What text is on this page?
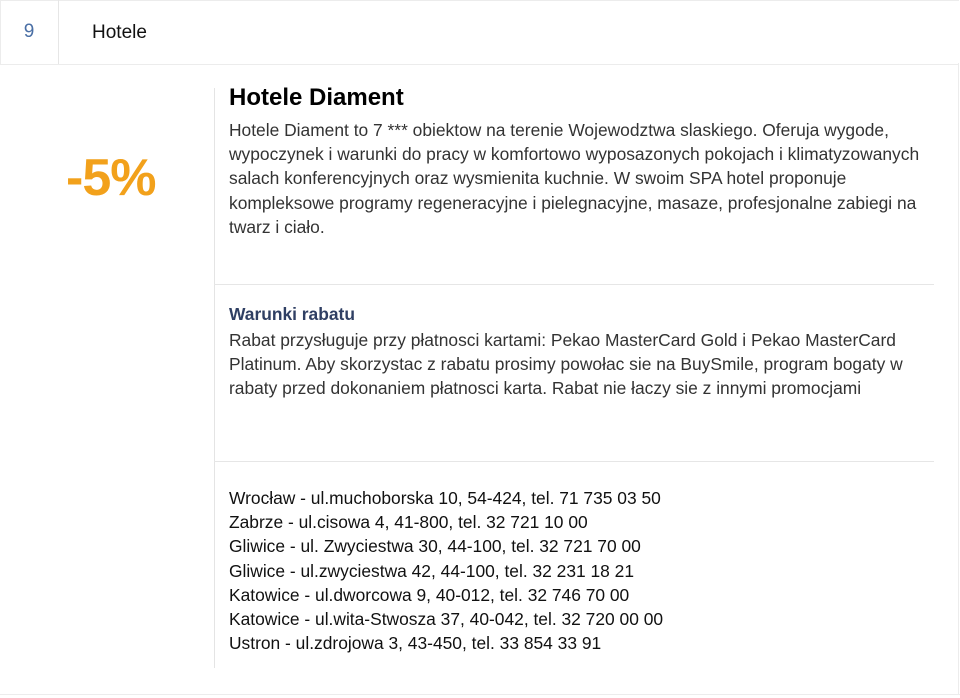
9	Hotele
-5%
Hotele Diament

Hotele Diament to 7 *** obiektow na terenie Wojewodztwa slaskiego. Oferuja wygode, wypoczynek i warunki do pracy w komfortowo wyposazonych pokojach i klimatyzowanych salach konferencyjnych oraz wysmienita kuchnie. W swoim SPA hotel proponuje kompleksowe programy regeneracyjne i pielegnacyjne, masaze, profesjonalne zabiegi na twarz i ciało.

Warunki rabatu

Rabat przysługuje przy płatnosci kartami: Pekao MasterCard Gold i Pekao MasterCard Platinum. Aby skorzystac z rabatu prosimy powołac sie na BuySmile, program bogaty w rabaty przed dokonaniem płatnosci karta. Rabat nie łaczy sie z innymi promocjami

Wrocław - ul.muchoborska 10, 54-424, tel. 71 735 03 50
Zabrze - ul.cisowa 4, 41-800, tel. 32 721 10 00
Gliwice - ul. Zwyciestwa 30, 44-100, tel. 32 721 70 00
Gliwice - ul.zwyciestwa 42, 44-100, tel. 32 231 18 21
Katowice - ul.dworcowa 9, 40-012, tel. 32 746 70 00
Katowice - ul.wita-Stwosza 37, 40-042, tel. 32 720 00 00
Ustron - ul.zdrojowa 3, 43-450, tel. 33 854 33 91
